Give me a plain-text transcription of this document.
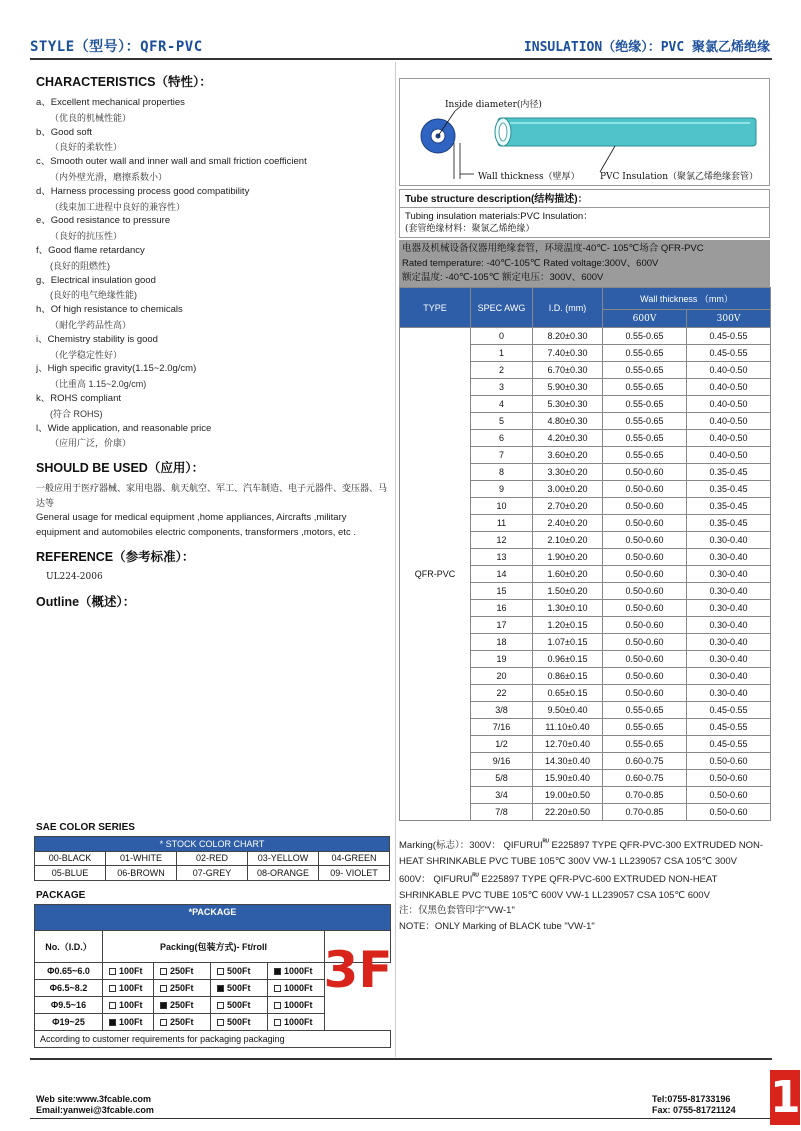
STYLE（型号）：QFR-PVC	INSULATION（绝缘）：PVC 聚氯乙烯绝缘
CHARACTERISTICS（特性）：
a、Excellent mechanical properties
（优良的机械性能）
b、Good soft
（良好的柔软性）
c、Smooth outer wall and inner wall and small friction coefficient
（内外壁光滑，磨擦系数小）
d、Harness processing process good compatibility
（线束加工进程中良好的兼容性）
e、Good resistance to pressure
（良好的抗压性）
f、Good flame retardancy
(良好的阻燃性)
g、Electrical insulation good
(良好的电气绝缘性能)
h、Of high resistance to chemicals
（耐化学药品性高）
i、Chemistry stability is good
（化学稳定性好）
j、High specific gravity(1.15~2.0g/cm)
（比重高 1.15~2.0g/cm)
k、ROHS compliant
(符合 ROHS)
l、Wide application, and reasonable price
（应用广泛，价康）
SHOULD BE USED（应用）：
一般应用于医疗器械、家用电器、航天航空、军工、汽车制造、电子元器件、变压器、马达等
General usage for medical equipment ,home appliances, Aircrafts ,military equipment and automobiles electric components, transformers ,motors, etc .
REFERENCE（参考标准）：
UL224-2006
Outline（概述）：
Inside diameter(内径)
Wall thickness（壁厚） PVC Insulation（聚氯乙烯绝缘套管）
Tube structure description(结构描述)：
Tubing insulation materials:PVC Insulation：
(套管绝缘材料：聚氯乙烯绝缘）
电器及机械设备仪器用绝缘套管，环境温度-40℃- 105℃场合 QFR-PVC
Rated temperature: -40℃-105℃ Rated voltage:300V、600V
额定温度: -40℃-105℃ 额定电压：300V、600V
TYPE	SPEC AWG	I.D. (mm)	Wall thickness （mm）	
			600V	300V
QFR-PVC	0	8.20±0.30	0.55-0.65	0.45-0.55
	1	7.40±0.30	0.55-0.65	0.45-0.55
	2	6.70±0.30	0.55-0.65	0.40-0.50
	3	5.90±0.30	0.55-0.65	0.40-0.50
	4	5.30±0.30	0.55-0.65	0.40-0.50
	5	4.80±0.30	0.55-0.65	0.40-0.50
	6	4.20±0.30	0.55-0.65	0.40-0.50
	7	3.60±0.20	0.55-0.65	0.40-0.50
	8	3.30±0.20	0.50-0.60	0.35-0.45
	9	3.00±0.20	0.50-0.60	0.35-0.45
	10	2.70±0.20	0.50-0.60	0.35-0.45
	11	2.40±0.20	0.50-0.60	0.35-0.45
	12	2.10±0.20	0.50-0.60	0.30-0.40
	13	1.90±0.20	0.50-0.60	0.30-0.40
	14	1.60±0.20	0.50-0.60	0.30-0.40
	15	1.50±0.20	0.50-0.60	0.30-0.40
	16	1.30±0.10	0.50-0.60	0.30-0.40
	17	1.20±0.15	0.50-0.60	0.30-0.40
	18	1.07±0.15	0.50-0.60	0.30-0.40
	19	0.96±0.15	0.50-0.60	0.30-0.40
	20	0.86±0.15	0.50-0.60	0.30-0.40
	22	0.65±0.15	0.50-0.60	0.30-0.40
	3/8	9.50±0.40	0.55-0.65	0.45-0.55
	7/16	11.10±0.40	0.55-0.65	0.45-0.55
	1/2	12.70±0.40	0.55-0.65	0.45-0.55
	9/16	14.30±0.40	0.60-0.75	0.50-0.60
	5/8	15.90±0.40	0.60-0.75	0.50-0.60
	3/4	19.00±0.50	0.70-0.85	0.50-0.60
	7/8	22.20±0.50	0.70-0.85	0.50-0.60
Marking(标志）：300V： $QIFURUI^{ᴿᵁ}$ E225897 TYPE QFR-PVC-300 EXTRUDED NON-HEAT SHRINKABLE PVC TUBE 105℃ 300V VW-1 LL239057 CSA 105℃ 300V
600V： $QIFURUI^{ᴿᵁ}$ E225897 TYPE QFR-PVC-600 EXTRUDED NON-HEAT SHRINKABLE PVC TUBE 105℃ 600V VW-1 LL239057 CSA 105℃ 600V
注：仅黑色套管印字"VW-1"
NOTE：ONLY Marking of BLACK tube "VW-1"
SAE COLOR SERIES
* STOCK COLOR CHART				
00-BLACK	01-WHITE	02-RED	03-YELLOW	04-GREEN
05-BLUE	06-BROWN	07-GREY	08-ORANGE	09- VIOLET
PACKAGE
*PACKAGE					
No.（I.D.）	Packing(包装方式)- Ft/roll				
Φ0.65~6.0	100Ft	250Ft	500Ft	1000Ft	
Φ6.5~8.2	100Ft	250Ft	500Ft	1000Ft	
Φ9.5~16	100Ft	250Ft	500Ft	1000Ft	
Φ19~25	100Ft	250Ft	500Ft	1000Ft	
According to customer requirements for packaging packaging					
3F
Web site:www.3fcable.com
Email:yanwei@3fcable.com
Tel:0755-81733196
Fax: 0755-81721124 1
